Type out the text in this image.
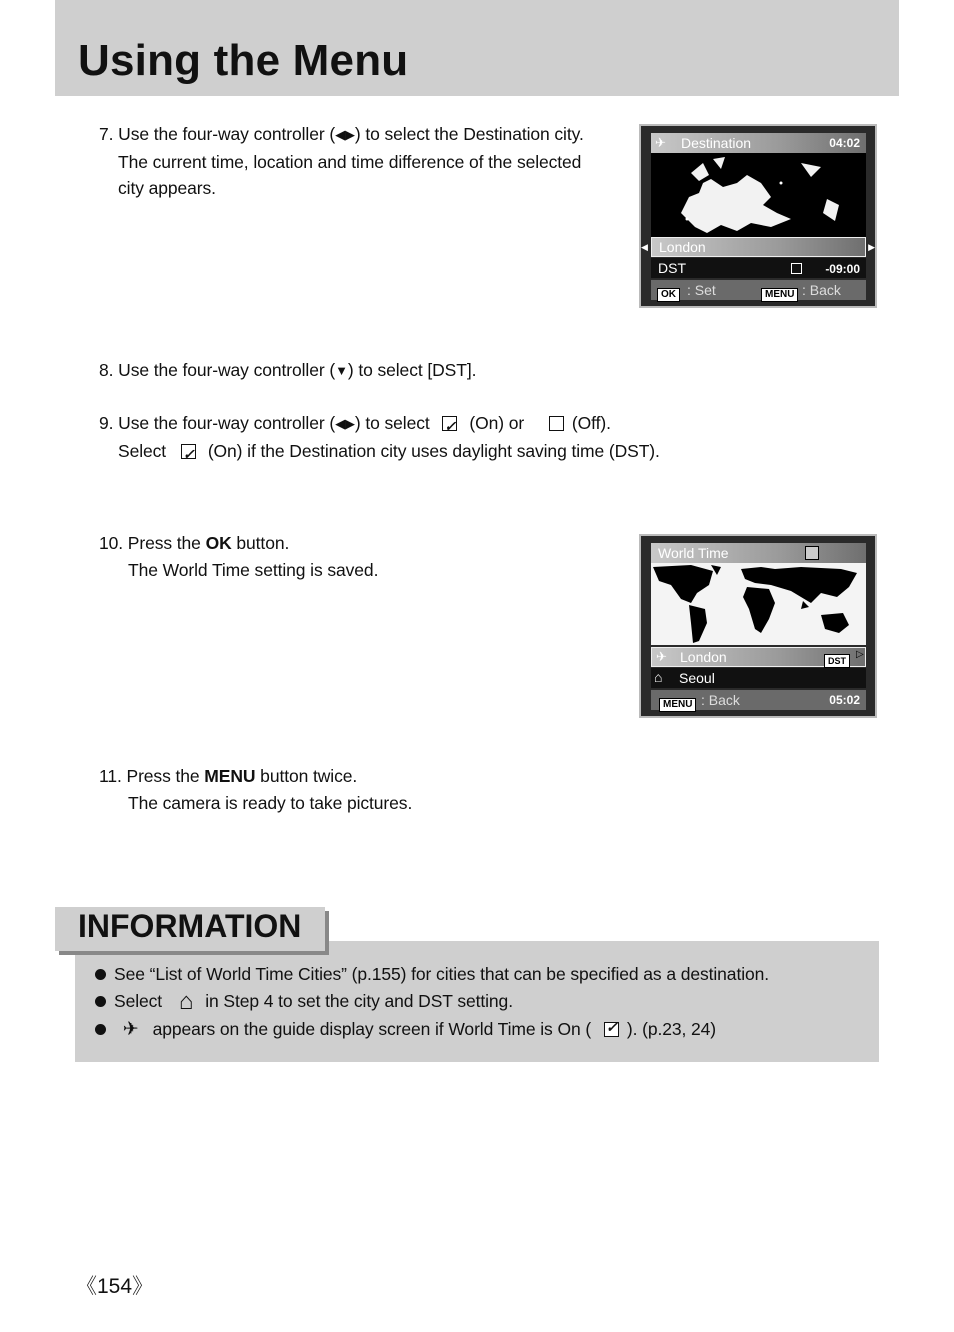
Using the Menu
7. Use the four-way controller (◀▶) to select the Destination city.
The current time, location and time difference of the selected
city appears.
✈ Destination	04:02
◀	▶
London
DST	-09:00
OK : Set	MENU : Back
8. Use the four-way controller (▼) to select [DST].
9. Use the four-way controller (◀▶) to select ✓ (On) or	(Off).
Select ✓ (On) if the Destination city uses daylight saving time (DST).
10. Press the OK button.
The World Time setting is saved.
World Time
✈ London	DST
▷
⌂ Seoul
MENU : Back	05:02
11. Press the MENU button twice.
The camera is ready to take pictures.
INFORMATION
See “List of World Time Cities” (p.155) for cities that can be specified as a destination.
Select ⌂ in Step 4 to set the city and DST setting.
✈ appears on the guide display screen if World Time is On ( ✓ ). (p.23, 24)
《154》
